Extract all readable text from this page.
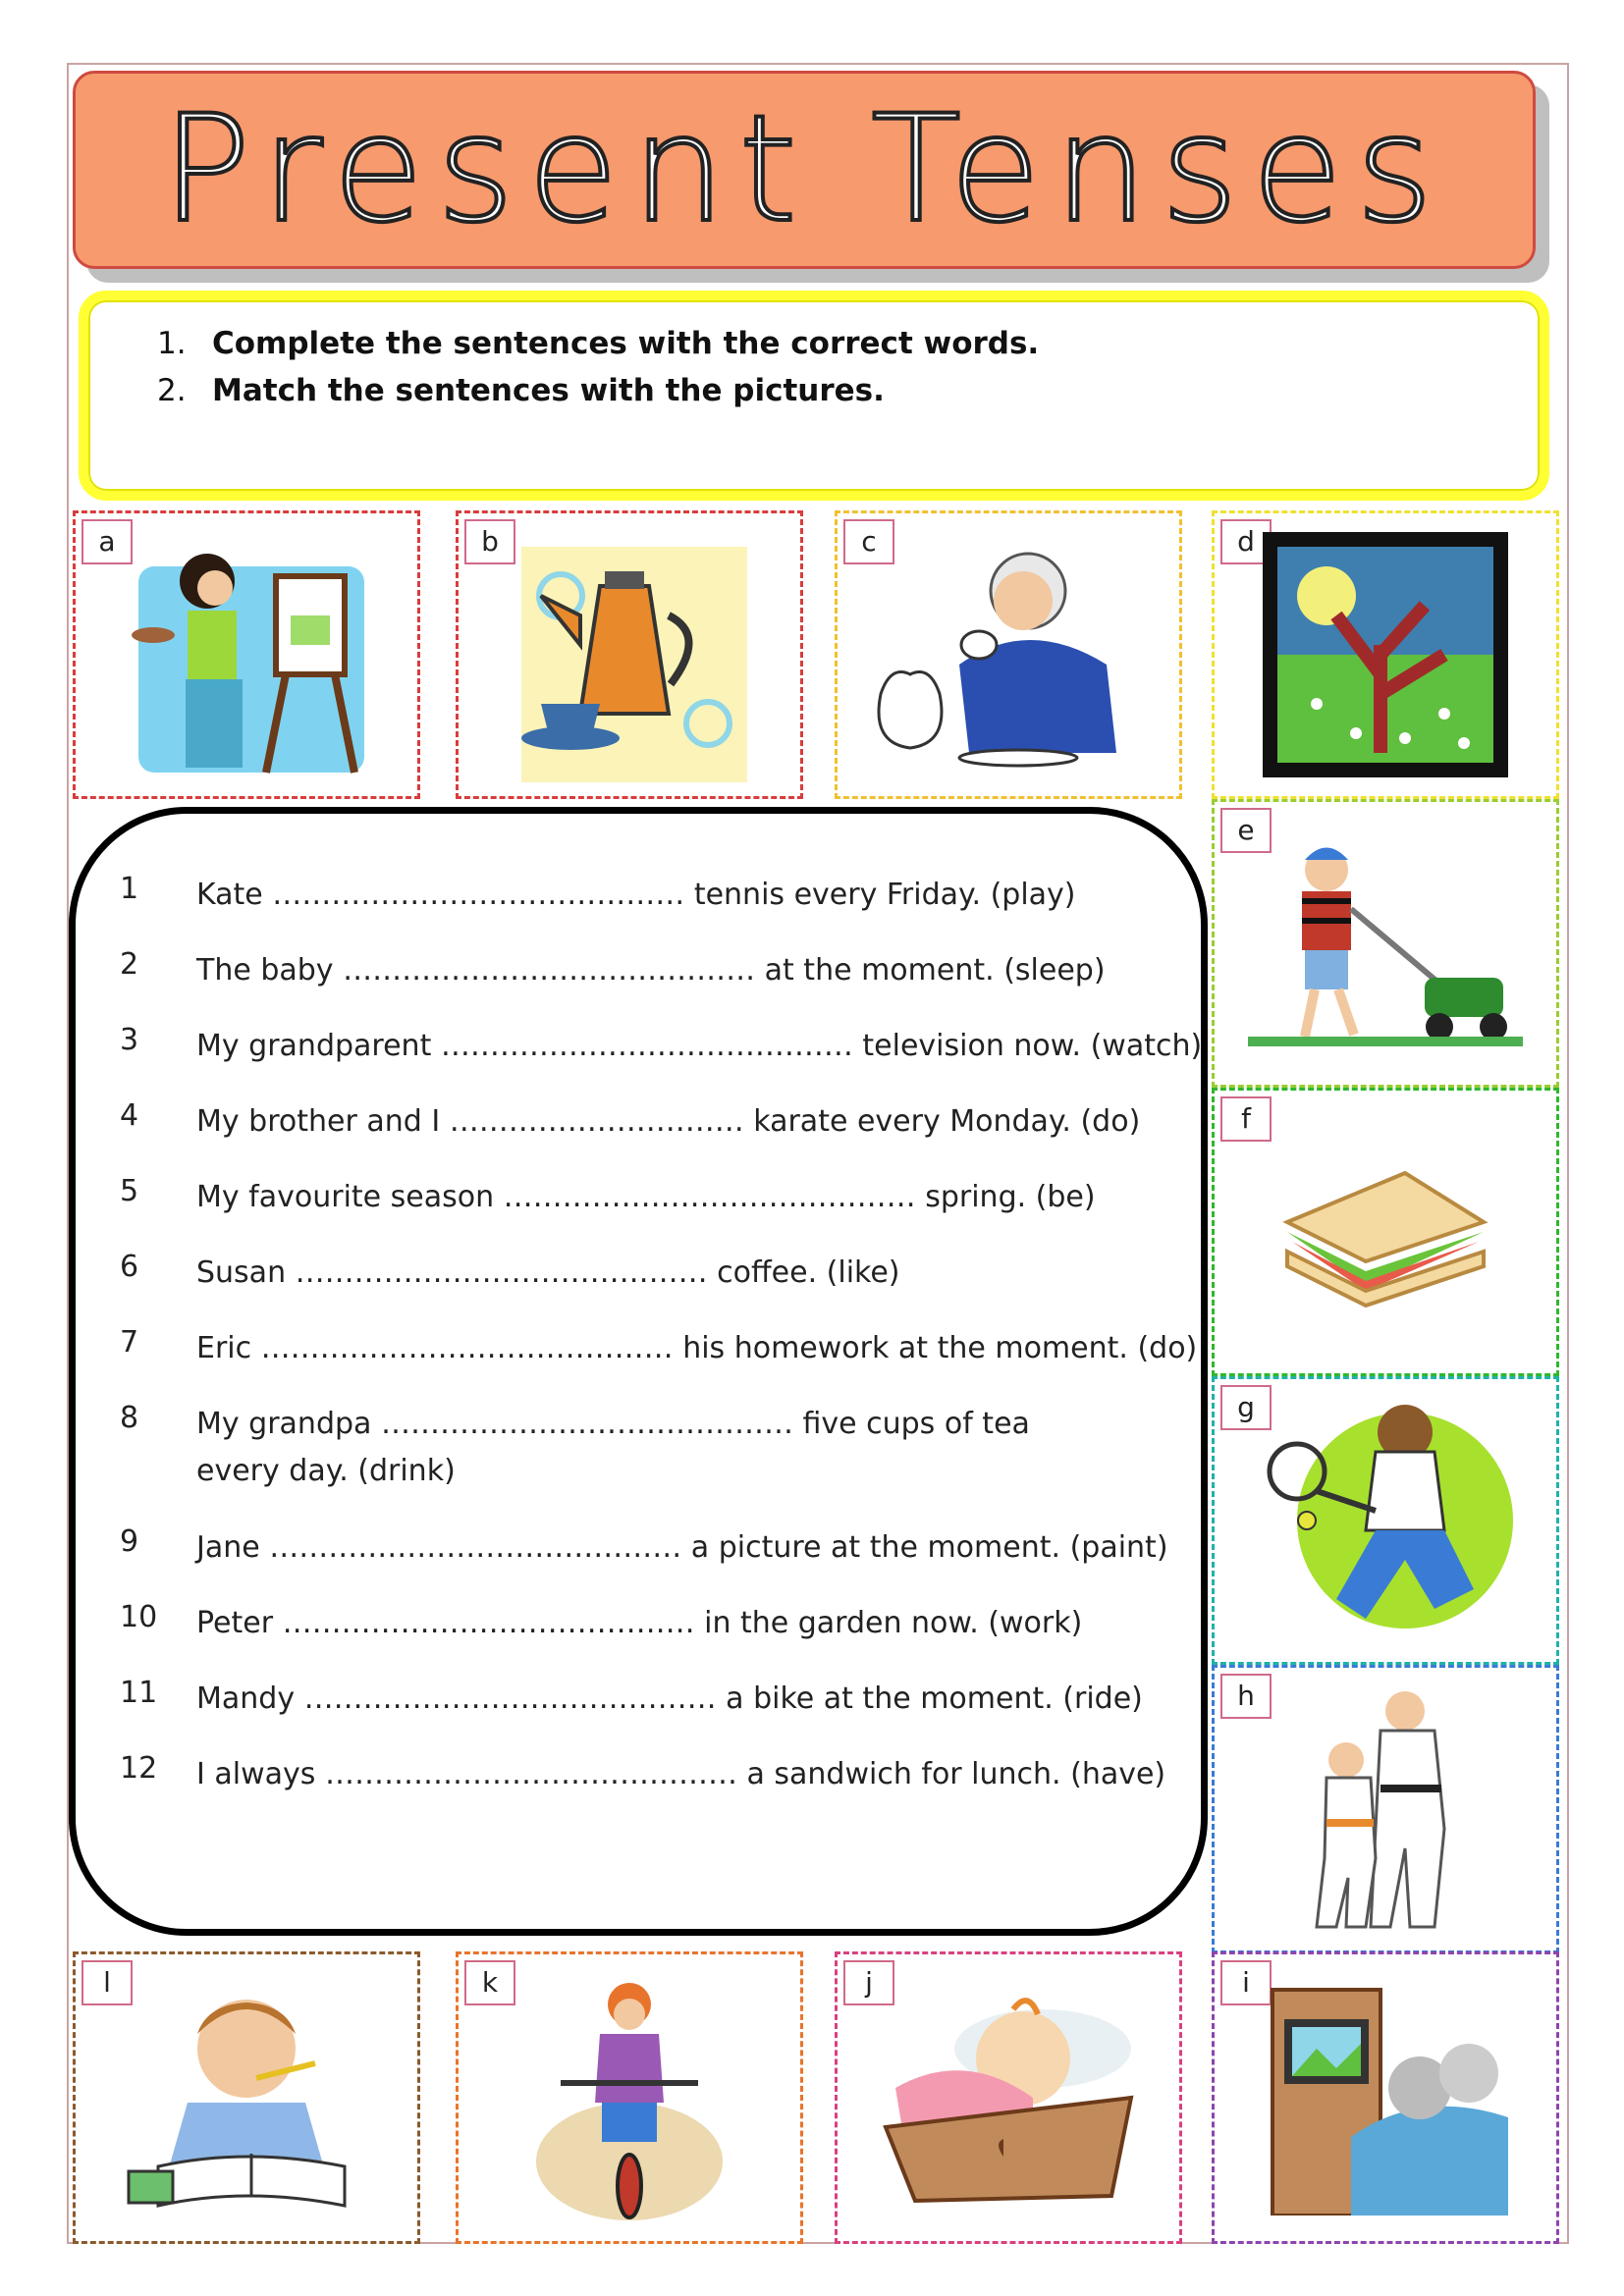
Present Tenses
1. Complete the sentences with the correct words.
2. Match the sentences with the pictures.
a	b	c	d
e
f
g
h
i
j
k
l
1	Kate …………………………………… tennis every Friday. (play)
2	The baby …………………………………… at the moment. (sleep)
3	My grandparent …………………………………… television now. (watch)
4	My brother and I ………………………… karate every Monday. (do)
5	My favourite season …………………………………… spring. (be)
6	Susan …………………………………… coffee. (like)
7	Eric …………………………………… his homework at the moment. (do)
8	My grandpa …………………………………… five cups of tea every day. (drink)
9	Jane …………………………………… a picture at the moment. (paint)
10	Peter …………………………………… in the garden now. (work)
11	Mandy …………………………………… a bike at the moment. (ride)
12	I always …………………………………… a sandwich for lunch. (have)
